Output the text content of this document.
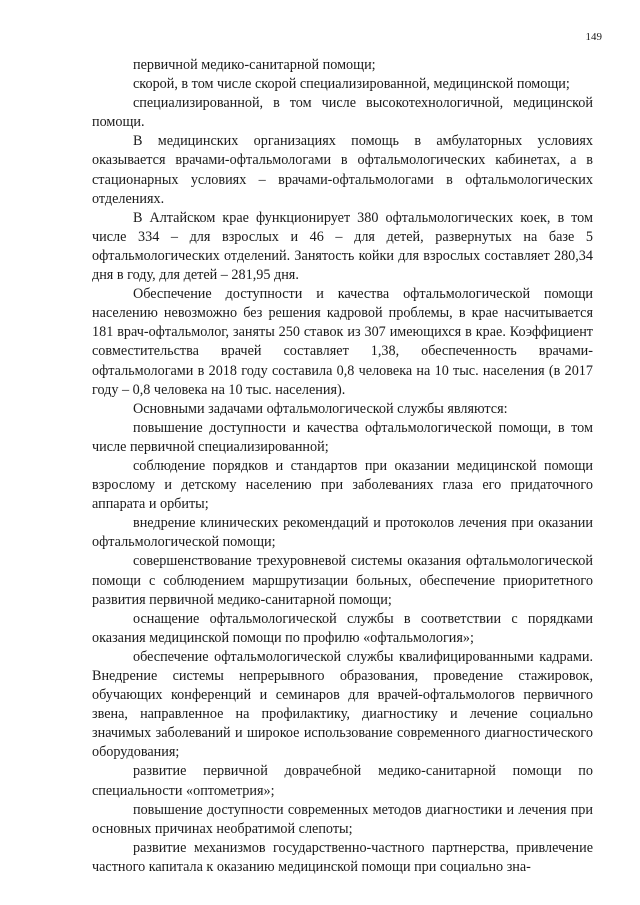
149

первичной медико-санитарной помощи;

скорой, в том числе скорой специализированной, медицинской помощи;

специализированной, в том числе высокотехнологичной, медицинской помощи.

В медицинских организациях помощь в амбулаторных условиях оказывается врачами-офтальмологами в офтальмологических кабинетах, а в стационарных условиях – врачами-офтальмологами в офтальмологических отделениях.

В Алтайском крае функционирует 380 офтальмологических коек, в том числе 334 – для взрослых и 46 – для детей, развернутых на базе 5 офтальмологических отделений. Занятость койки для взрослых составляет 280,34 дня в году, для детей – 281,95 дня.

Обеспечение доступности и качества офтальмологической помощи населению невозможно без решения кадровой проблемы, в крае насчитывается 181 врач-офтальмолог, заняты 250 ставок из 307 имеющихся в крае. Коэффициент совместительства врачей составляет 1,38, обеспеченность врачами-офтальмологами в 2018 году составила 0,8 человека на 10 тыс. населения (в 2017 году – 0,8 человека на 10 тыс. населения).

Основными задачами офтальмологической службы являются:

повышение доступности и качества офтальмологической помощи, в том числе первичной специализированной;

соблюдение порядков и стандартов при оказании медицинской помощи взрослому и детскому населению при заболеваниях глаза его придаточного аппарата и орбиты;

внедрение клинических рекомендаций и протоколов лечения при оказании офтальмологической помощи;

совершенствование трехуровневой системы оказания офтальмологической помощи с соблюдением маршрутизации больных, обеспечение приоритетного развития первичной медико-санитарной помощи;

оснащение офтальмологической службы в соответствии с порядками оказания медицинской помощи по профилю «офтальмология»;

обеспечение офтальмологической службы квалифицированными кадрами. Внедрение системы непрерывного образования, проведение стажировок, обучающих конференций и семинаров для врачей-офтальмологов первичного звена, направленное на профилактику, диагностику и лечение социально значимых заболеваний и широкое использование современного диагностического оборудования;

развитие первичной доврачебной медико-санитарной помощи по специальности «оптометрия»;

повышение доступности современных методов диагностики и лечения при основных причинах необратимой слепоты;

развитие механизмов государственно-частного партнерства, привлечение частного капитала к оказанию медицинской помощи при социально зна-
